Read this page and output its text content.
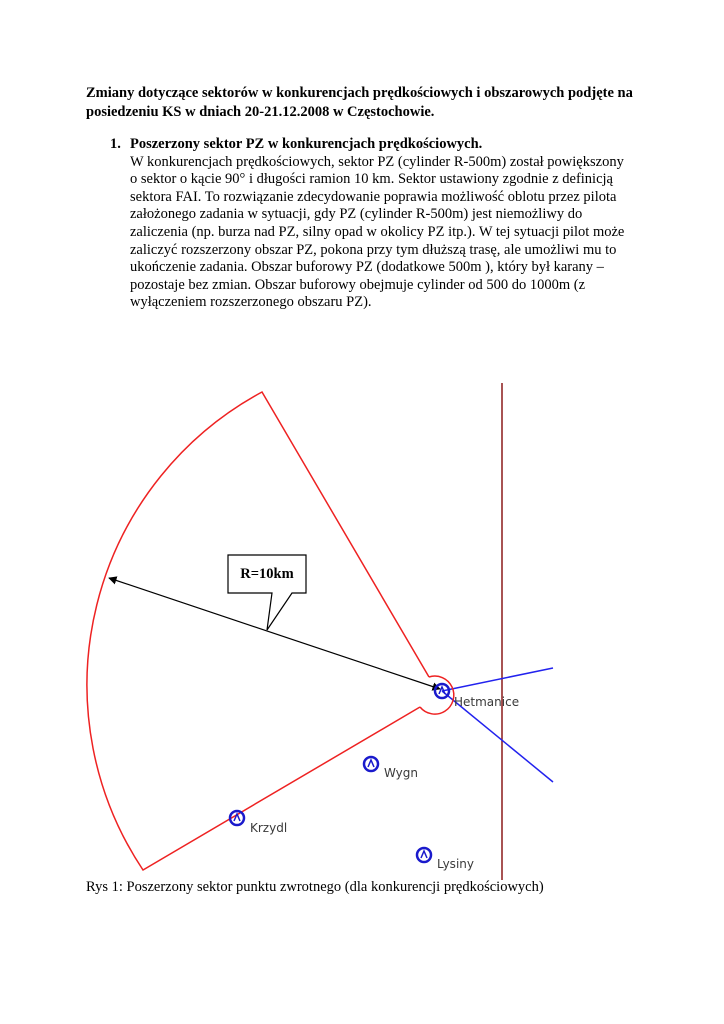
Zmiany dotyczące sektorów w konkurencjach prędkościowych i obszarowych podjęte na posiedzeniu KS w dniach 20-21.12.2008 w Częstochowie.

1. Poszerzony sektor PZ w konkurencjach prędkościowych.

W konkurencjach prędkościowych, sektor PZ (cylinder R-500m) został powiększony o sektor o kącie 90° i długości ramion 10 km. Sektor ustawiony zgodnie z definicją sektora FAI. To rozwiązanie zdecydowanie poprawia możliwość oblotu przez pilota założonego zadania w sytuacji, gdy PZ (cylinder R-500m) jest niemożliwy do zaliczenia (np. burza nad PZ, silny opad w okolicy PZ itp.). W tej sytuacji pilot może zaliczyć rozszerzony obszar PZ, pokona przy tym dłuższą trasę, ale umożliwi mu to ukończenie zadania. Obszar buforowy PZ (dodatkowe 500m ), który był karany – pozostaje bez zmian. Obszar buforowy obejmuje cylinder od 500 do 1000m (z wyłączeniem rozszerzonego obszaru PZ).

R=10km
Hetmanice
Wygn
Krzydl
Lysiny

Rys 1: Poszerzony sektor punktu zwrotnego (dla konkurencji prędkościowych)
